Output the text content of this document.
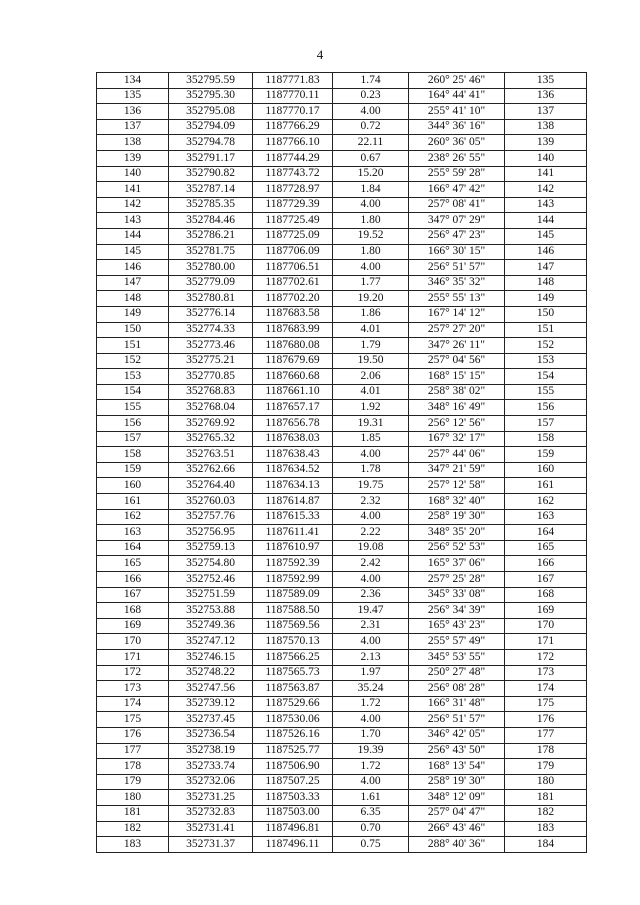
4
134	352795.59	1187771.83	1.74	260° 25' 46"	135
135	352795.30	1187770.11	0.23	164° 44' 41"	136
136	352795.08	1187770.17	4.00	255° 41' 10"	137
137	352794.09	1187766.29	0.72	344° 36' 16"	138
138	352794.78	1187766.10	22.11	260° 36' 05"	139
139	352791.17	1187744.29	0.67	238° 26' 55"	140
140	352790.82	1187743.72	15.20	255° 59' 28"	141
141	352787.14	1187728.97	1.84	166° 47' 42"	142
142	352785.35	1187729.39	4.00	257° 08' 41"	143
143	352784.46	1187725.49	1.80	347° 07' 29"	144
144	352786.21	1187725.09	19.52	256° 47' 23"	145
145	352781.75	1187706.09	1.80	166° 30' 15"	146
146	352780.00	1187706.51	4.00	256° 51' 57"	147
147	352779.09	1187702.61	1.77	346° 35' 32"	148
148	352780.81	1187702.20	19.20	255° 55' 13"	149
149	352776.14	1187683.58	1.86	167° 14' 12"	150
150	352774.33	1187683.99	4.01	257° 27' 20"	151
151	352773.46	1187680.08	1.79	347° 26' 11"	152
152	352775.21	1187679.69	19.50	257° 04' 56"	153
153	352770.85	1187660.68	2.06	168° 15' 15"	154
154	352768.83	1187661.10	4.01	258° 38' 02"	155
155	352768.04	1187657.17	1.92	348° 16' 49"	156
156	352769.92	1187656.78	19.31	256° 12' 56"	157
157	352765.32	1187638.03	1.85	167° 32' 17"	158
158	352763.51	1187638.43	4.00	257° 44' 06"	159
159	352762.66	1187634.52	1.78	347° 21' 59"	160
160	352764.40	1187634.13	19.75	257° 12' 58"	161
161	352760.03	1187614.87	2.32	168° 32' 40"	162
162	352757.76	1187615.33	4.00	258° 19' 30"	163
163	352756.95	1187611.41	2.22	348° 35' 20"	164
164	352759.13	1187610.97	19.08	256° 52' 53"	165
165	352754.80	1187592.39	2.42	165° 37' 06"	166
166	352752.46	1187592.99	4.00	257° 25' 28"	167
167	352751.59	1187589.09	2.36	345° 33' 08"	168
168	352753.88	1187588.50	19.47	256° 34' 39"	169
169	352749.36	1187569.56	2.31	165° 43' 23"	170
170	352747.12	1187570.13	4.00	255° 57' 49"	171
171	352746.15	1187566.25	2.13	345° 53' 55"	172
172	352748.22	1187565.73	1.97	250° 27' 48"	173
173	352747.56	1187563.87	35.24	256° 08' 28"	174
174	352739.12	1187529.66	1.72	166° 31' 48"	175
175	352737.45	1187530.06	4.00	256° 51' 57"	176
176	352736.54	1187526.16	1.70	346° 42' 05"	177
177	352738.19	1187525.77	19.39	256° 43' 50"	178
178	352733.74	1187506.90	1.72	168° 13' 54"	179
179	352732.06	1187507.25	4.00	258° 19' 30"	180
180	352731.25	1187503.33	1.61	348° 12' 09"	181
181	352732.83	1187503.00	6.35	257° 04' 47"	182
182	352731.41	1187496.81	0.70	266° 43' 46"	183
183	352731.37	1187496.11	0.75	288° 40' 36"	184
